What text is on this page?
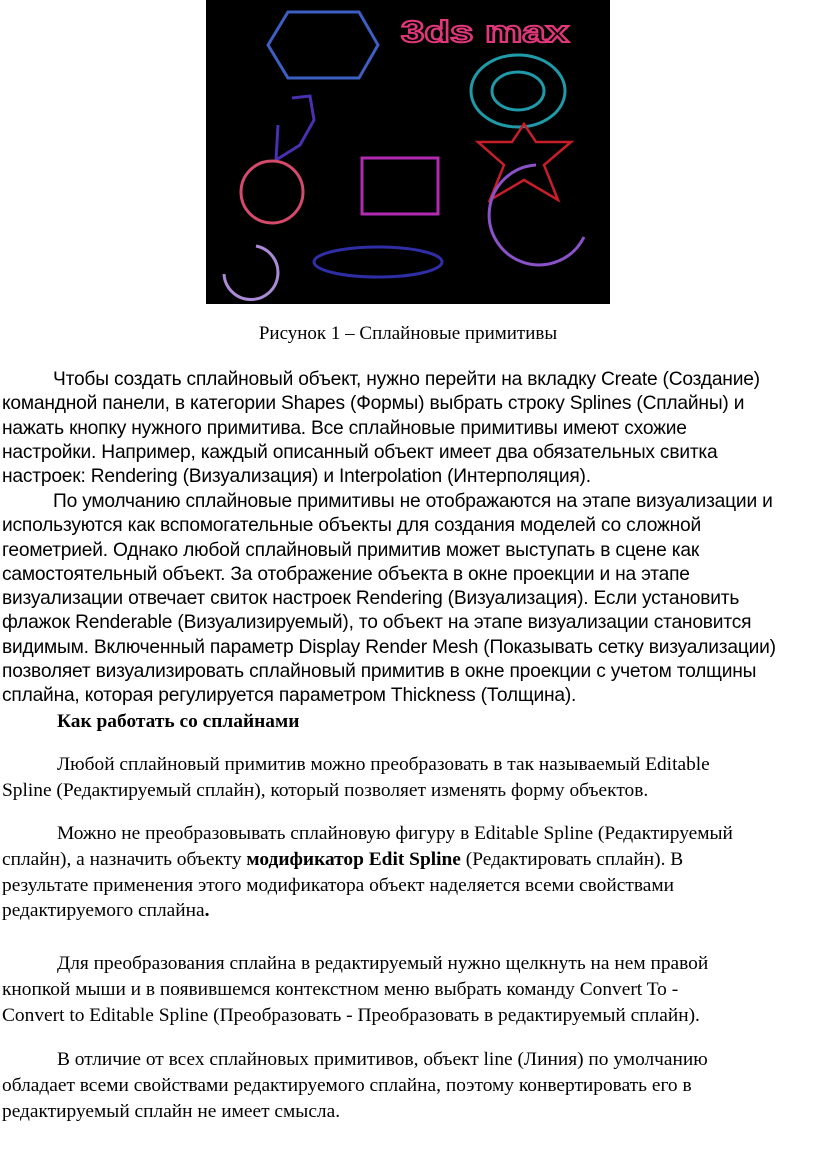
3ds max
Рисунок 1 – Сплайновые примитивы
Чтобы создать сплайновый объект, нужно перейти на вкладку Create (Создание)
командной панели, в категории Shapes (Формы) выбрать строку Splines (Сплайны) и
нажать кнопку нужного примитива. Все сплайновые примитивы имеют схожие
настройки. Например, каждый описанный объект имеет два обязательных свитка
настроек: Rendering (Визуализация) и Interpolation (Интерполяция).
По умолчанию сплайновые примитивы не отображаются на этапе визуализации и
используются как вспомогательные объекты для создания моделей со сложной
геометрией. Однако любой сплайновый примитив может выступать в сцене как
самостоятельный объект. За отображение объекта в окне проекции и на этапе
визуализации отвечает свиток настроек Rendering (Визуализация). Если установить
флажок Renderable (Визуализируемый), то объект на этапе визуализации становится
видимым. Включенный параметр Display Render Mesh (Показывать сетку визуализации)
позволяет визуализировать сплайновый примитив в окне проекции с учетом толщины
сплайна, которая регулируется параметром Thickness (Толщина).
Как работать со сплайнами
Любой сплайновый примитив можно преобразовать в так называемый Editable
Spline (Редактируемый сплайн), который позволяет изменять форму объектов.
Можно не преобразовывать сплайновую фигуру в Editable Spline (Редактируемый
сплайн), а назначить объекту модификатор Edit Spline (Редактировать сплайн). В
результате применения этого модификатора объект наделяется всеми свойствами
редактируемого сплайна.
Для преобразования сплайна в редактируемый нужно щелкнуть на нем правой
кнопкой мыши и в появившемся контекстном меню выбрать команду Convert To -
Convert to Editable Spline (Преобразовать - Преобразовать в редактируемый сплайн).
В отличие от всех сплайновых примитивов, объект line (Линия) по умолчанию
обладает всеми свойствами редактируемого сплайна, поэтому конвертировать его в
редактируемый сплайн не имеет смысла.
